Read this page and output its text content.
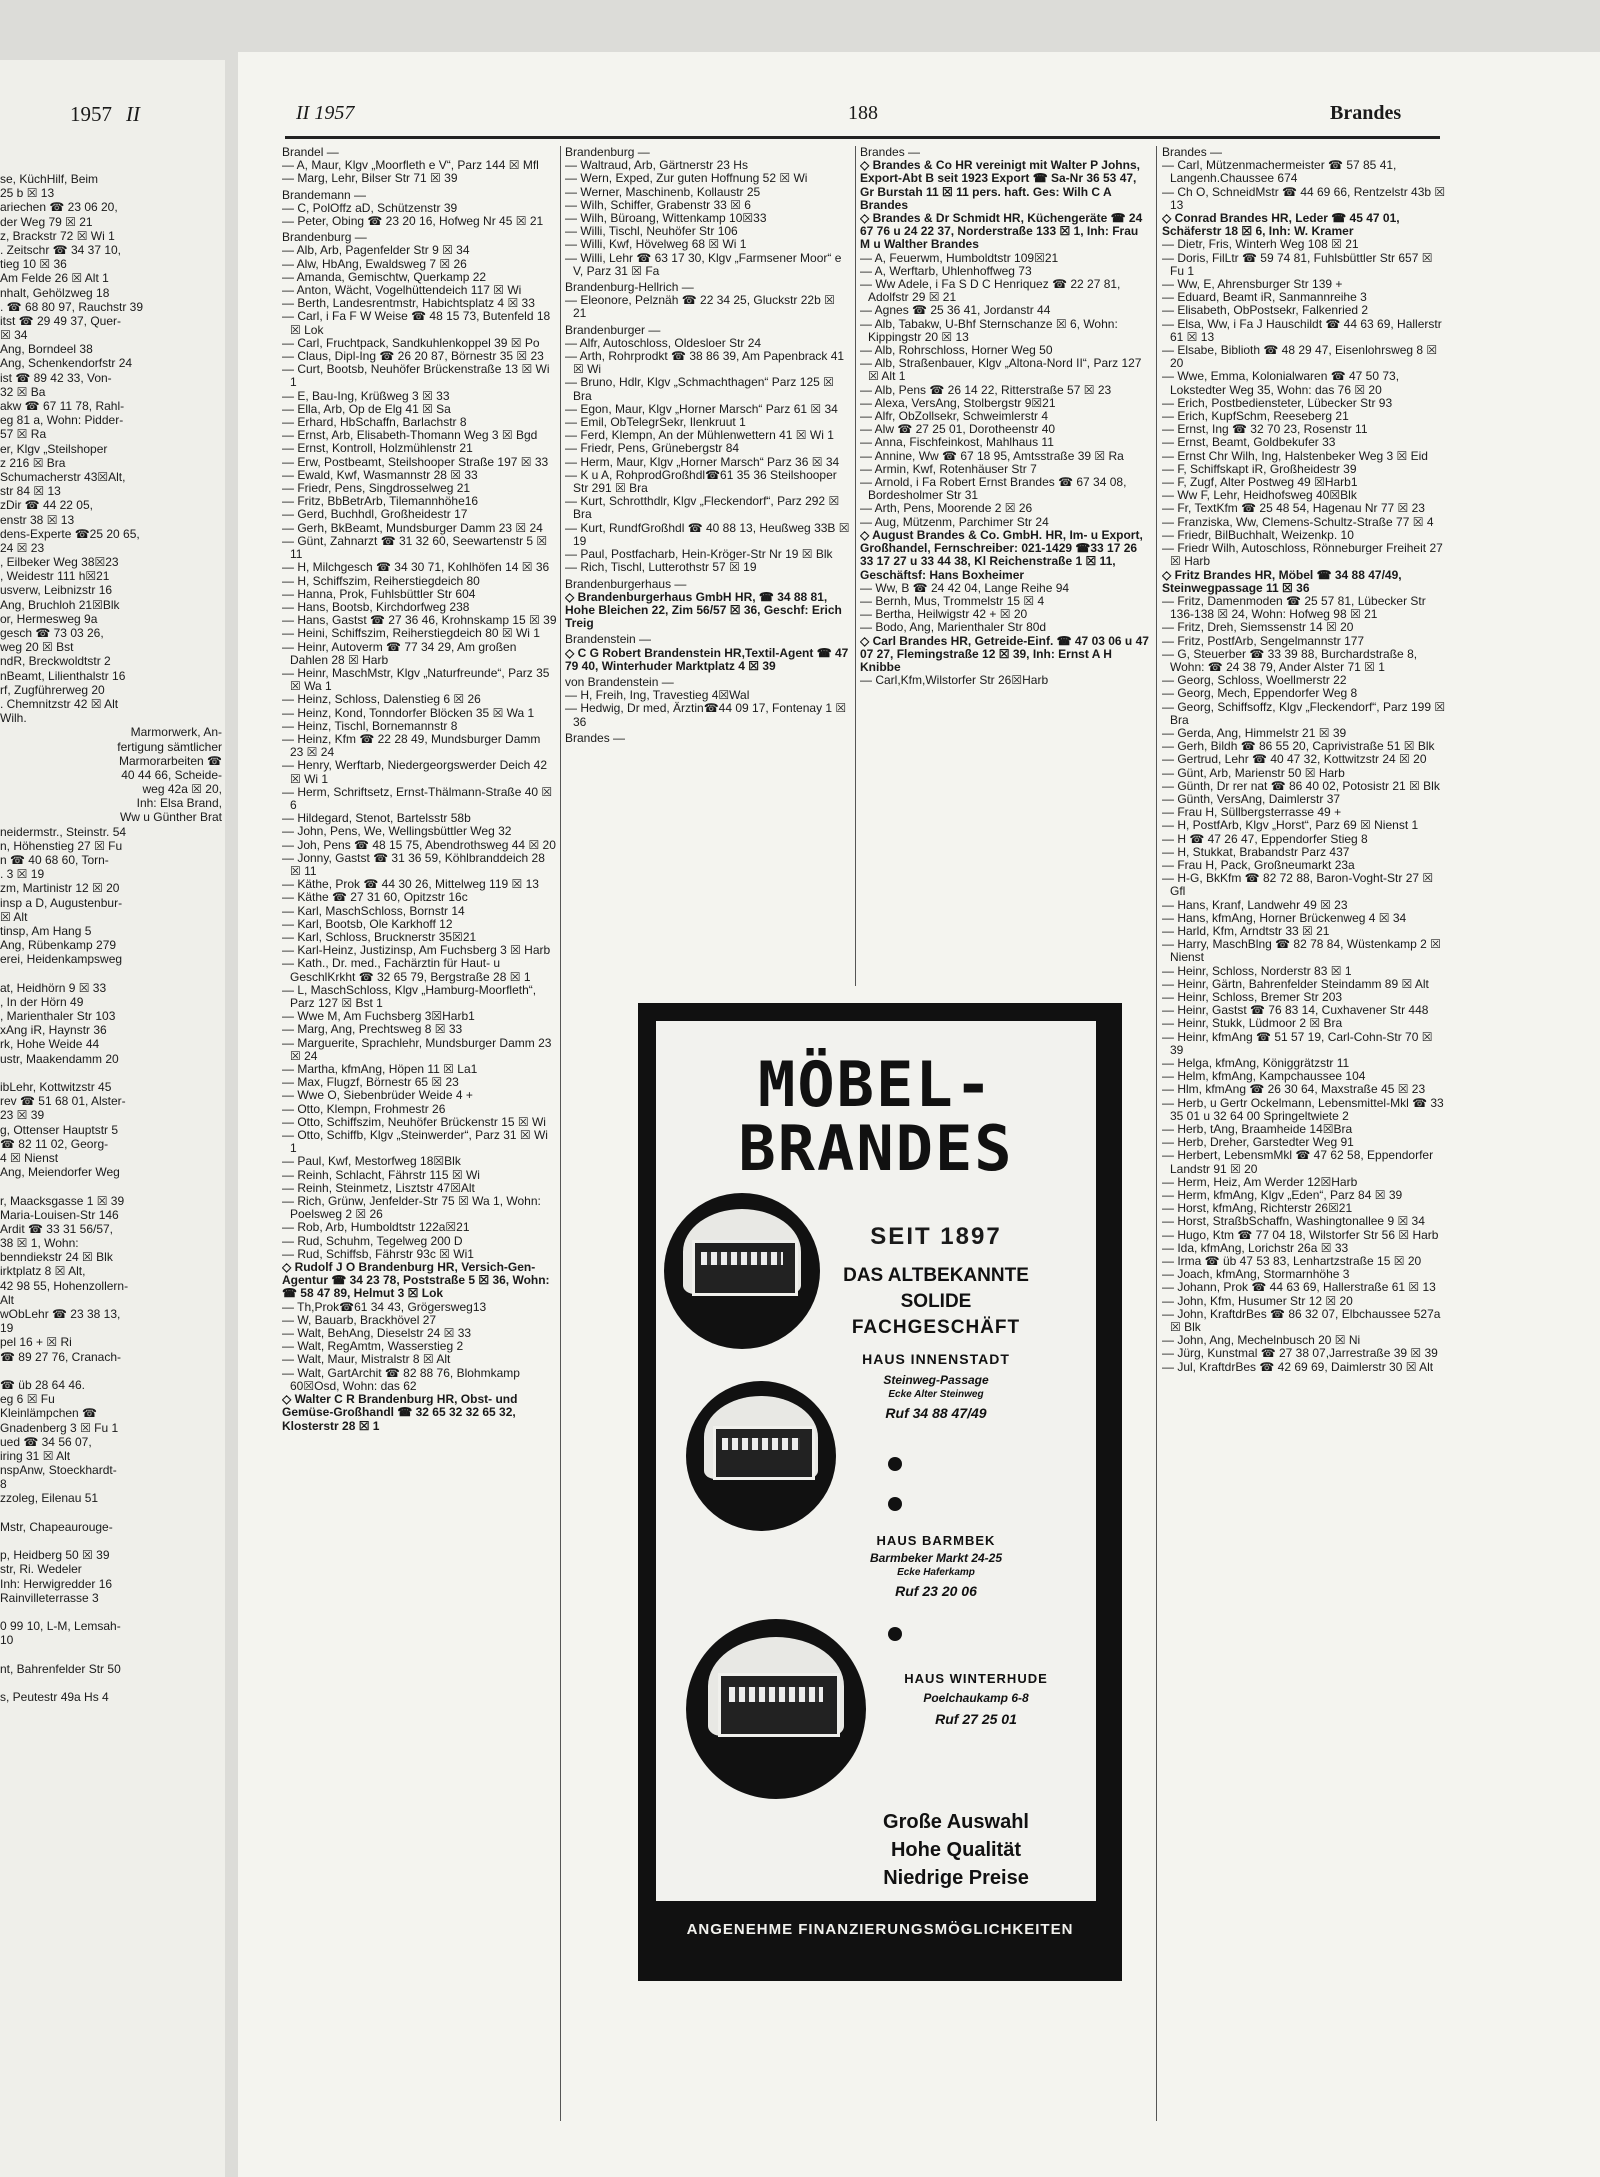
1957 II
se, KüchHilf, Beim
25 b ☒ 13
ariechen ☎ 23 06 20,
der Weg 79 ☒ 21
z, Brackstr 72 ☒ Wi 1
. Zeitschr ☎ 34 37 10,
tieg 10 ☒ 36
Am Felde 26 ☒ Alt 1
nhalt, Gehölzweg 18
. ☎ 68 80 97, Rauchstr 39
itst ☎ 29 49 37, Quer-
☒ 34
Ang, Borndeel 38
Ang, Schenkendorfstr 24
ist ☎ 89 42 33, Von-
32 ☒ Ba
akw ☎ 67 11 78, Rahl-
eg 81 a, Wohn: Pidder-
57 ☒ Ra
er, Klgv „Steilshoper
z 216 ☒ Bra
Schumacherstr 43☒Alt,
str 84 ☒ 13
zDir ☎ 44 22 05,
enstr 38 ☒ 13
dens-Experte ☎25 20 65,
24 ☒ 23
, Eilbeker Weg 38☒23
, Weidestr 111 h☒21
usverw, Leibnizstr 16
Ang, Bruchloh 21☒Blk
or, Hermesweg 9a
gesch ☎ 73 03 26,
weg 20 ☒ Bst
ndR, Breckwoldtstr 2
nBeamt, Lilienthalstr 16
rf, Zugführerweg 20
. Chemnitzstr 42 ☒ Alt
Wilh.
Marmorwerk, An-
fertigung sämtlicher
Marmorarbeiten ☎
40 44 66, Scheide-
weg 42a ☒ 20,
Inh: Elsa Brand,
Ww u Günther Brat
neidermstr., Steinstr. 54
n, Höhenstieg 27 ☒ Fu
n ☎ 40 68 60, Torn-
. 3 ☒ 19
zm, Martinistr 12 ☒ 20
insp a D, Augustenbur-
☒ Alt
tinsp, Am Hang 5
Ang, Rübenkamp 279
erei, Heidenkampsweg
at, Heidhörn 9 ☒ 33
, In der Hörn 49
, Marienthaler Str 103
xAng iR, Haynstr 36
rk, Hohe Weide 44
ustr, Maakendamm 20
ibLehr, Kottwitzstr 45
rev ☎ 51 68 01, Alster-
23 ☒ 39
g, Ottenser Hauptstr 5
☎ 82 11 02, Georg-
4 ☒ Nienst
Ang, Meiendorfer Weg
r, Maacksgasse 1 ☒ 39
Maria-Louisen-Str 146
Ardit ☎ 33 31 56/57,
38 ☒ 1, Wohn:
benndiekstr 24 ☒ Blk
irktplatz 8 ☒ Alt,
42 98 55, Hohenzollern-
Alt
wObLehr ☎ 23 38 13,
19
pel 16 + ☒ Ri
☎ 89 27 76, Cranach-
☎ üb 28 64 46.
eg 6 ☒ Fu
Kleinlämpchen ☎
Gnadenberg 3 ☒ Fu 1
ued ☎ 34 56 07,
iring 31 ☒ Alt
nspAnw, Stoeckhardt-
8
zzoleg, Eilenau 51
Mstr, Chapeaurouge-
p, Heidberg 50 ☒ 39
str, Ri. Wedeler
Inh: Herwigredder 16
Rainvilleterrasse 3
0 99 10, L-M, Lemsah-
10
nt, Bahrenfelder Str 50
s, Peutestr 49a Hs 4
II 1957	188	Brandes
Brandel —
— A, Maur, Klgv „Moorfleth e V“, Parz 144 ☒ Mfl
— Marg, Lehr, Bilser Str 71 ☒ 39
Brandemann —
— C, PolOffz aD, Schützenstr 39
— Peter, Obing ☎ 23 20 16, Hofweg Nr 45 ☒ 21
Brandenburg —
— Alb, Arb, Pagenfelder Str 9 ☒ 34
— Alw, HbAng, Ewaldsweg 7 ☒ 26
— Amanda, Gemischtw, Querkamp 22
— Anton, Wächt, Vogelhüttendeich 117 ☒ Wi
— Berth, Landesrentmstr, Habichtsplatz 4 ☒ 33
— Carl, i Fa F W Weise ☎ 48 15 73, Butenfeld 18 ☒ Lok
— Carl, Fruchtpack, Sandkuhlenkoppel 39 ☒ Po
— Claus, Dipl-Ing ☎ 26 20 87, Börnestr 35 ☒ 23
— Curt, Bootsb, Neuhöfer Brückenstraße 13 ☒ Wi 1
— E, Bau-Ing, Krüßweg 3 ☒ 33
— Ella, Arb, Op de Elg 41 ☒ Sa
— Erhard, HbSchaffn, Barlachstr 8
— Ernst, Arb, Elisabeth-Thomann Weg 3 ☒ Bgd
— Ernst, Kontroll, Holzmühlenstr 21
— Erw, Postbeamt, Steilshooper Straße 197 ☒ 33
— Ewald, Kwf, Wasmannstr 28 ☒ 33
— Friedr, Pens, Singdrosselweg 21
— Fritz, BbBetrArb, Tilemannhöhe16
— Gerd, Buchhdl, Großheidestr 17
— Gerh, BkBeamt, Mundsburger Damm 23 ☒ 24
— Günt, Zahnarzt ☎ 31 32 60, Seewartenstr 5 ☒ 11
— H, Milchgesch ☎ 34 30 71, Kohlhöfen 14 ☒ 36
— H, Schiffszim, Reiherstiegdeich 80
— Hanna, Prok, Fuhlsbüttler Str 604
— Hans, Bootsb, Kirchdorfweg 238
— Hans, Gastst ☎ 27 36 46, Krohnskamp 15 ☒ 39
— Heini, Schiffszim, Reiherstiegdeich 80 ☒ Wi 1
— Heinr, Autoverm ☎ 77 34 29, Am großen Dahlen 28 ☒ Harb
— Heinr, MaschMstr, Klgv „Naturfreunde“, Parz 35 ☒ Wa 1
— Heinz, Schloss, Dalenstieg 6 ☒ 26
— Heinz, Kond, Tonndorfer Blöcken 35 ☒ Wa 1
— Heinz, Tischl, Bornemannstr 8
— Heinz, Kfm ☎ 22 28 49, Mundsburger Damm 23 ☒ 24
— Henry, Werftarb, Niedergeorgswerder Deich 42 ☒ Wi 1
— Herm, Schriftsetz, Ernst-Thälmann-Straße 40 ☒ 6
— Hildegard, Stenot, Bartelsstr 58b
— John, Pens, We, Wellingsbüttler Weg 32
— Joh, Pens ☎ 48 15 75, Abendrothsweg 44 ☒ 20
— Jonny, Gastst ☎ 31 36 59, Köhlbranddeich 28 ☒ 11
— Käthe, Prok ☎ 44 30 26, Mittelweg 119 ☒ 13
— Käthe ☎ 27 31 60, Opitzstr 16c
— Karl, MaschSchloss, Bornstr 14
— Karl, Bootsb, Ole Karkhoff 12
— Karl, Schloss, Brucknerstr 35☒21
— Karl-Heinz, Justizinsp, Am Fuchsberg 3 ☒ Harb
— Kath., Dr. med., Fachärztin für Haut- u GeschlKrkht ☎ 32 65 79, Bergstraße 28 ☒ 1
— L, MaschSchloss, Klgv „Hamburg-Moorfleth“, Parz 127 ☒ Bst 1
— Wwe M, Am Fuchsberg 3☒Harb1
— Marg, Ang, Prechtsweg 8 ☒ 33
— Marguerite, Sprachlehr, Mundsburger Damm 23 ☒ 24
— Martha, kfmAng, Höpen 11 ☒ La1
— Max, Flugzf, Börnestr 65 ☒ 23
— Wwe O, Siebenbrüder Weide 4 +
— Otto, Klempn, Frohmestr 26
— Otto, Schiffszim, Neuhöfer Brückenstr 15 ☒ Wi
— Otto, Schiffb, Klgv „Steinwerder“, Parz 31 ☒ Wi 1
— Paul, Kwf, Mestorfweg 18☒Blk
— Reinh, Schlacht, Fährstr 115 ☒ Wi
— Reinh, Steinmetz, Lisztstr 47☒Alt
— Rich, Grünw, Jenfelder-Str 75 ☒ Wa 1, Wohn: Poelsweg 2 ☒ 26
— Rob, Arb, Humboldtstr 122a☒21
— Rud, Schuhm, Tegelweg 200 D
— Rud, Schiffsb, Fährstr 93c ☒ Wi1
◇ Rudolf J O Brandenburg HR, Versich-Gen-Agentur ☎ 34 23 78, Poststraße 5 ☒ 36, Wohn: ☎ 58 47 89, Helmut 3 ☒ Lok
— Th,Prok☎61 34 43, Grögersweg13
— W, Bauarb, Brackhövel 27
— Walt, BehAng, Dieselstr 24 ☒ 33
— Walt, RegAmtm, Wasserstieg 2
— Walt, Maur, Mistralstr 8 ☒ Alt
— Walt, GartArchit ☎ 82 88 76, Blohmkamp 60☒Osd, Wohn: das 62
◇ Walter C R Brandenburg HR, Obst- und Gemüse-Großhandl ☎ 32 65 32 32 65 32, Klosterstr 28 ☒ 1
Brandenburg —
— Waltraud, Arb, Gärtnerstr 23 Hs
— Wern, Exped, Zur guten Hoffnung 52 ☒ Wi
— Werner, Maschinenb, Kollaustr 25
— Wilh, Schiffer, Grabenstr 33 ☒ 6
— Wilh, Büroang, Wittenkamp 10☒33
— Willi, Tischl, Neuhöfer Str 106
— Willi, Kwf, Hövelweg 68 ☒ Wi 1
— Willi, Lehr ☎ 63 17 30, Klgv „Farmsener Moor“ e V, Parz 31 ☒ Fa
Brandenburg-Hellrich —
— Eleonore, Pelznäh ☎ 22 34 25, Gluckstr 22b ☒ 21
Brandenburger —
— Alfr, Autoschloss, Oldesloer Str 24
— Arth, Rohrprodkt ☎ 38 86 39, Am Papenbrack 41 ☒ Wi
— Bruno, Hdlr, Klgv „Schmachthagen“ Parz 125 ☒ Bra
— Egon, Maur, Klgv „Horner Marsch“ Parz 61 ☒ 34
— Emil, ObTelegrSekr, Ilenkruut 1
— Ferd, Klempn, An der Mühlenwettern 41 ☒ Wi 1
— Friedr, Pens, Grünebergstr 84
— Herm, Maur, Klgv „Horner Marsch“ Parz 36 ☒ 34
— K u A, RohprodGroßhdl☎61 35 36 Steilshooper Str 291 ☒ Bra
— Kurt, Schrotthdlr, Klgv „Fleckendorf“, Parz 292 ☒ Bra
— Kurt, RundfGroßhdl ☎ 40 88 13, Heußweg 33B ☒ 19
— Paul, Postfacharb, Hein-Kröger-Str Nr 19 ☒ Blk
— Rich, Tischl, Lutterothstr 57 ☒ 19
Brandenburgerhaus —
◇ Brandenburgerhaus GmbH HR, ☎ 34 88 81, Hohe Bleichen 22, Zim 56/57 ☒ 36, Geschf: Erich Treig
Brandenstein —
◇ C G Robert Brandenstein HR,Textil-Agent ☎ 47 79 40, Winterhuder Marktplatz 4 ☒ 39
von Brandenstein —
— H, Freih, Ing, Travestieg 4☒Wal
— Hedwig, Dr med, Ärztin☎44 09 17, Fontenay 1 ☒ 36
Brandes —
Brandes —
◇ Brandes & Co HR vereinigt mit Walter P Johns, Export-Abt B seit 1923 Export ☎ Sa-Nr 36 53 47, Gr Burstah 11 ☒ 11 pers. haft. Ges: Wilh C A Brandes
◇ Brandes & Dr Schmidt HR, Küchengeräte ☎ 24 67 76 u 24 22 37, Norderstraße 133 ☒ 1, Inh: Frau M u Walther Brandes
— A, Feuerwm, Humboldtstr 109☒21
— A, Werftarb, Uhlenhoffweg 73
— Ww Adele, i Fa S D C Henriquez ☎ 22 27 81, Adolfstr 29 ☒ 21
— Agnes ☎ 25 36 41, Jordanstr 44
— Alb, Tabakw, U-Bhf Sternschanze ☒ 6, Wohn: Kippingstr 20 ☒ 13
— Alb, Rohrschloss, Horner Weg 50
— Alb, Straßenbauer, Klgv „Altona-Nord II“, Parz 127 ☒ Alt 1
— Alb, Pens ☎ 26 14 22, Ritterstraße 57 ☒ 23
— Alexa, VersAng, Stolbergstr 9☒21
— Alfr, ObZollsekr, Schweimlerstr 4
— Alw ☎ 27 25 01, Dorotheenstr 40
— Anna, Fischfeinkost, Mahlhaus 11
— Annine, Ww ☎ 67 18 95, Amtsstraße 39 ☒ Ra
— Armin, Kwf, Rotenhäuser Str 7
— Arnold, i Fa Robert Ernst Brandes ☎ 67 34 08, Bordesholmer Str 31
— Arth, Pens, Moorende 2 ☒ 26
— Aug, Mützenm, Parchimer Str 24
◇ August Brandes & Co. GmbH. HR, Im- u Export, Großhandel, Fernschreiber: 021-1429 ☎33 17 26 33 17 27 u 33 44 38, Kl Reichenstraße 1 ☒ 11, Geschäftsf: Hans Boxheimer
— Ww, B ☎ 24 42 04, Lange Reihe 94
— Bernh, Mus, Trommelstr 15 ☒ 4
— Bertha, Heilwigstr 42 + ☒ 20
— Bodo, Ang, Marienthaler Str 80d
◇ Carl Brandes HR, Getreide-Einf. ☎ 47 03 06 u 47 07 27, Flemingstraße 12 ☒ 39, Inh: Ernst A H Knibbe
— Carl,Kfm,Wilstorfer Str 26☒Harb
Brandes —
— Carl, Mützenmachermeister ☎ 57 85 41, Langenh.Chaussee 674
— Ch O, SchneidMstr ☎ 44 69 66, Rentzelstr 43b ☒ 13
◇ Conrad Brandes HR, Leder ☎ 45 47 01, Schäferstr 18 ☒ 6, Inh: W. Kramer
— Dietr, Fris, Winterh Weg 108 ☒ 21
— Doris, FilLtr ☎ 59 74 81, Fuhlsbüttler Str 657 ☒ Fu 1
— Ww, E, Ahrensburger Str 139 +
— Eduard, Beamt iR, Sanmannreihe 3
— Elisabeth, ObPostsekr, Falkenried 2
— Elsa, Ww, i Fa J Hauschildt ☎ 44 63 69, Hallerstr 61 ☒ 13
— Elsabe, Biblioth ☎ 48 29 47, Eisenlohrsweg 8 ☒ 20
— Wwe, Emma, Kolonialwaren ☎ 47 50 73, Lokstedter Weg 35, Wohn: das 76 ☒ 20
— Erich, Postbediensteter, Lübecker Str 93
— Erich, KupfSchm, Reeseberg 21
— Ernst, Ing ☎ 32 70 23, Rosenstr 11
— Ernst, Beamt, Goldbekufer 33
— Ernst Chr Wilh, Ing, Halstenbeker Weg 3 ☒ Eid
— F, Schiffskapt iR, Großheidestr 39
— F, Zugf, Alter Postweg 49 ☒Harb1
— Ww F, Lehr, Heidhofsweg 40☒Blk
— Fr, TextKfm ☎ 25 48 54, Hagenau Nr 77 ☒ 23
— Franziska, Ww, Clemens-Schultz-Straße 77 ☒ 4
— Friedr, BilBuchhalt, Weizenkp. 10
— Friedr Wilh, Autoschloss, Rönneburger Freiheit 27 ☒ Harb
◇ Fritz Brandes HR, Möbel ☎ 34 88 47/49, Steinwegpassage 11 ☒ 36
— Fritz, Damenmoden ☎ 25 57 81, Lübecker Str 136-138 ☒ 24, Wohn: Hofweg 98 ☒ 21
— Fritz, Dreh, Siemssenstr 14 ☒ 20
— Fritz, PostfArb, Sengelmannstr 177
— G, Steuerber ☎ 33 39 88, Burchardstraße 8, Wohn: ☎ 24 38 79, Ander Alster 71 ☒ 1
— Georg, Schloss, Woellmerstr 22
— Georg, Mech, Eppendorfer Weg 8
— Georg, Schiffsoffz, Klgv „Fleckendorf“, Parz 199 ☒ Bra
— Gerda, Ang, Himmelstr 21 ☒ 39
— Gerh, Bildh ☎ 86 55 20, Caprivistraße 51 ☒ Blk
— Gertrud, Lehr ☎ 40 47 32, Kottwitzstr 24 ☒ 20
— Günt, Arb, Marienstr 50 ☒ Harb
— Günth, Dr rer nat ☎ 86 40 02, Potosistr 21 ☒ Blk
— Günth, VersAng, Daimlerstr 37
— Frau H, Süllbergsterrasse 49 +
— H, PostfArb, Klgv „Horst“, Parz 69 ☒ Nienst 1
— H ☎ 47 26 47, Eppendorfer Stieg 8
— H, Stukkat, Brabandstr Parz 437
— Frau H, Pack, Großneumarkt 23a
— H-G, BkKfm ☎ 82 72 88, Baron-Voght-Str 27 ☒ Gfl
— Hans, Kranf, Landwehr 49 ☒ 23
— Hans, kfmAng, Horner Brückenweg 4 ☒ 34
— Harld, Kfm, Arndtstr 33 ☒ 21
— Harry, MaschBlng ☎ 82 78 84, Wüstenkamp 2 ☒ Nienst
— Heinr, Schloss, Norderstr 83 ☒ 1
— Heinr, Gärtn, Bahrenfelder Steindamm 89 ☒ Alt
— Heinr, Schloss, Bremer Str 203
— Heinr, Gastst ☎ 76 83 14, Cuxhavener Str 448
— Heinr, Stukk, Lüdmoor 2 ☒ Bra
— Heinr, kfmAng ☎ 51 57 19, Carl-Cohn-Str 70 ☒ 39
— Helga, kfmAng, Königgrätzstr 11
— Helm, kfmAng, Kampchaussee 104
— Hlm, kfmAng ☎ 26 30 64, Maxstraße 45 ☒ 23
— Herb, u Gertr Ockelmann, Lebensmittel-Mkl ☎ 33 35 01 u 32 64 00 Springeltwiete 2
— Herb, tAng, Braamheide 14☒Bra
— Herb, Dreher, Garstedter Weg 91
— Herbert, LebensmMkl ☎ 47 62 58, Eppendorfer Landstr 91 ☒ 20
— Herm, Heiz, Am Werder 12☒Harb
— Herm, kfmAng, Klgv „Eden“, Parz 84 ☒ 39
— Horst, kfmAng, Richterstr 26☒21
— Horst, StraßbSchaffn, Washingtonallee 9 ☒ 34
— Hugo, Ktm ☎ 77 04 18, Wilstorfer Str 56 ☒ Harb
— Ida, kfmAng, Lorichstr 26a ☒ 33
— Irma ☎ üb 47 53 83, Lenhartzstraße 15 ☒ 20
— Joach, kfmAng, Stormarnhöhe 3
— Johann, Prok ☎ 44 63 69, Hallerstraße 61 ☒ 13
— John, Kfm, Husumer Str 12 ☒ 20
— John, KraftdrBes ☎ 86 32 07, Elbchaussee 527a ☒ Blk
— John, Ang, Mechelnbusch 20 ☒ Ni
— Jürg, Kunstmal ☎ 27 38 07,Jarrestraße 39 ☒ 39
— Jul, KraftdrBes ☎ 42 69 69, Daimlerstr 30 ☒ Alt
MÖBEL-
BRANDES
SEIT 1897
DAS ALTBEKANNTE
SOLIDE
FACHGESCHÄFT
HAUS INNENSTADT
Steinweg-Passage
Ecke Alter Steinweg
Ruf 34 88 47/49
HAUS BARMBEK
Barmbeker Markt 24-25
Ecke Haferkamp
Ruf 23 20 06
HAUS WINTERHUDE
Poelchaukamp 6-8
Ruf 27 25 01
Große Auswahl
Hohe Qualität
Niedrige Preise
ANGENEHME FINANZIERUNGSMÖGLICHKEITEN
